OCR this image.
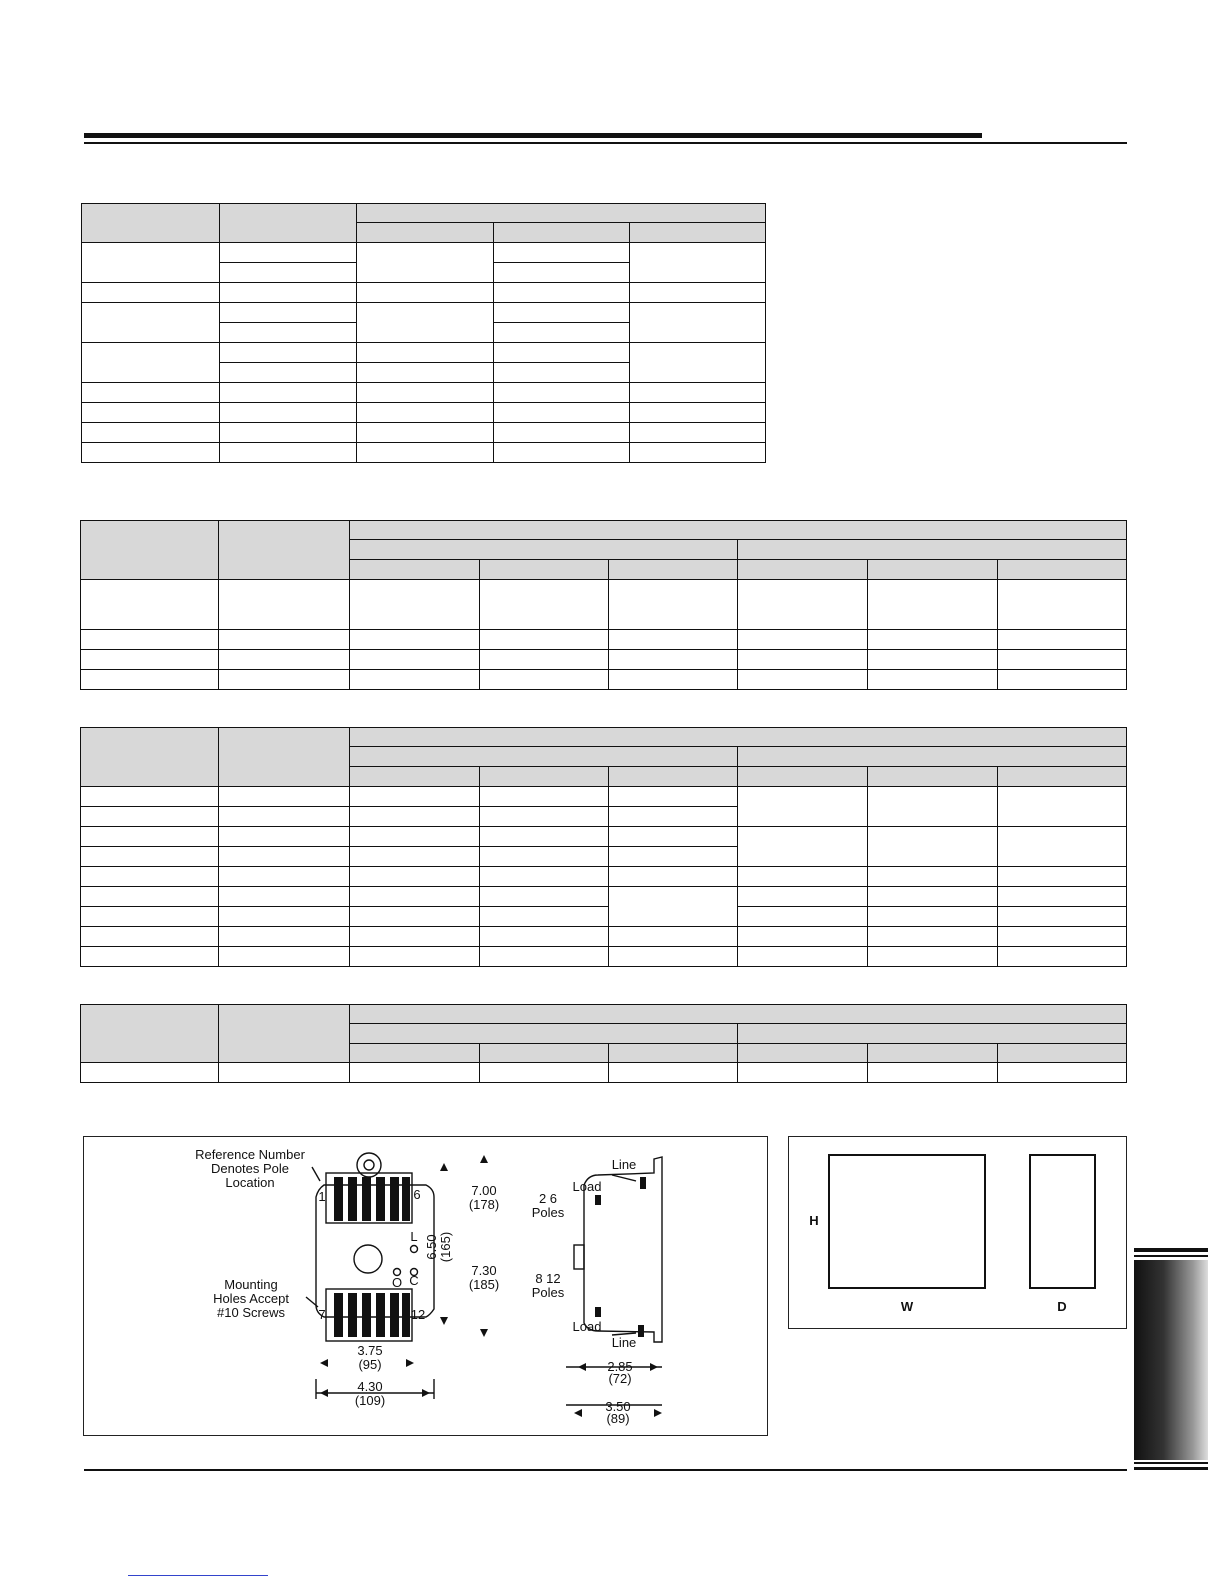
Reference Number
Denotes Pole
Location
Mounting
Holes Accept
#10 Screws
1	6
7	12
L
O C
7.00
(178)
6.50 (165)
7.30
(185)
3.75
(95)
4.30
(109)
Line
Load
2 6
Poles
8 12
Poles
Load
Line
2.85
(72)
3.50
(89)
H
W	D
